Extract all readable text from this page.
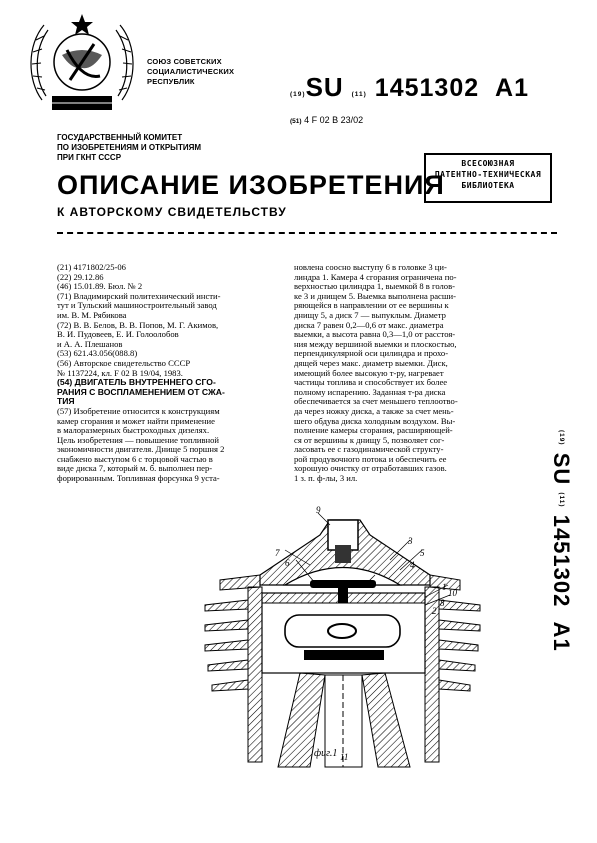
СОЮЗ СОВЕТСКИХ
СОЦИАЛИСТИЧЕСКИХ
РЕСПУБЛИК
(19)SU (11) 1451302 A1
(51) 4 F 02 B 23/02
ГОСУДАРСТВЕННЫЙ КОМИТЕТ
ПО ИЗОБРЕТЕНИЯМ И ОТКРЫТИЯМ
ПРИ ГКНТ СССР
ВСЕСОЮЗНАЯ
ПАТЕНТНО-ТЕХНИЧЕСКАЯ
БИБЛИОТЕКА
ОПИСАНИЕ ИЗОБРЕТЕНИЯ
К АВТОРСКОМУ СВИДЕТЕЛЬСТВУ
(21) 4171802/25-06
(22) 29.12.86
(46) 15.01.89. Бюл. № 2
(71) Владимирский политехнический инсти-
тут и Тульский машиностроительный завод
им. В. М. Рябикова
(72) В. В. Белов, В. В. Попов, М. Г. Акимов,
В. И. Пудовеев, Е. И. Голоолобов
и А. А. Плешанов
(53) 621.43.056(088.8)
(56) Авторское свидетельство СССР
№ 1137224, кл. F 02 B 19/04, 1983.
(54) ДВИГАТЕЛЬ ВНУТРЕННЕГО СГО-
РАНИЯ С ВОСПЛАМЕНЕНИЕМ ОТ СЖА-
ТИЯ
(57) Изобретение относится к конструкциям
камер сгорания и может найти применение
в малоразмерных быстроходных дизелях.
Цель изобретения — повышение топливной
экономичности двигателя. Днище 5 поршня 2
снабжено выступом 6 с торцовой частью в
виде диска 7, который м. б. выполнен пер-
форированным. Топливная форсунка 9 уста-
новлена соосно выступу 6 в головке 3 ци-
линдра 1. Камера 4 сгорания ограничена по-
верхностью цилиндра 1, выемкой 8 в голов-
ке 3 и днищем 5. Выемка выполнена расши-
ряющейся в направлении от ее вершины к
днищу 5, а диск 7 — выпуклым. Диаметр
диска 7 равен 0,2—0,6 от макс. диаметра
выемки, а высота равна 0,3—1,0 от расстоя-
ния между вершиной выемки и плоскостью,
перпендикулярной оси цилиндра и прохо-
дящей через макс. диаметр выемки. Диск,
имеющий более высокую т-ру, нагревает
частицы топлива и способствует их более
полному испарению. Заданная т-ра диска
обеспечивается за счет меньшего теплоотво-
да через ножку диска, а также за счет мень-
шего обдува диска холодным воздухом. Вы-
полнение камеры сгорания, расширяющей-
ся от вершины к днищу 5, позволяет сог-
ласовать ее с газодинамической структу-
рой продувочного потока и обеспечить ее
хорошую очистку от отработавших газов.
1 з. п. ф-лы, 3 ил.
(19) SU (11) 1451302  A1
9
7
6
3
5
4
10
8
2
1
11
фиг.1
